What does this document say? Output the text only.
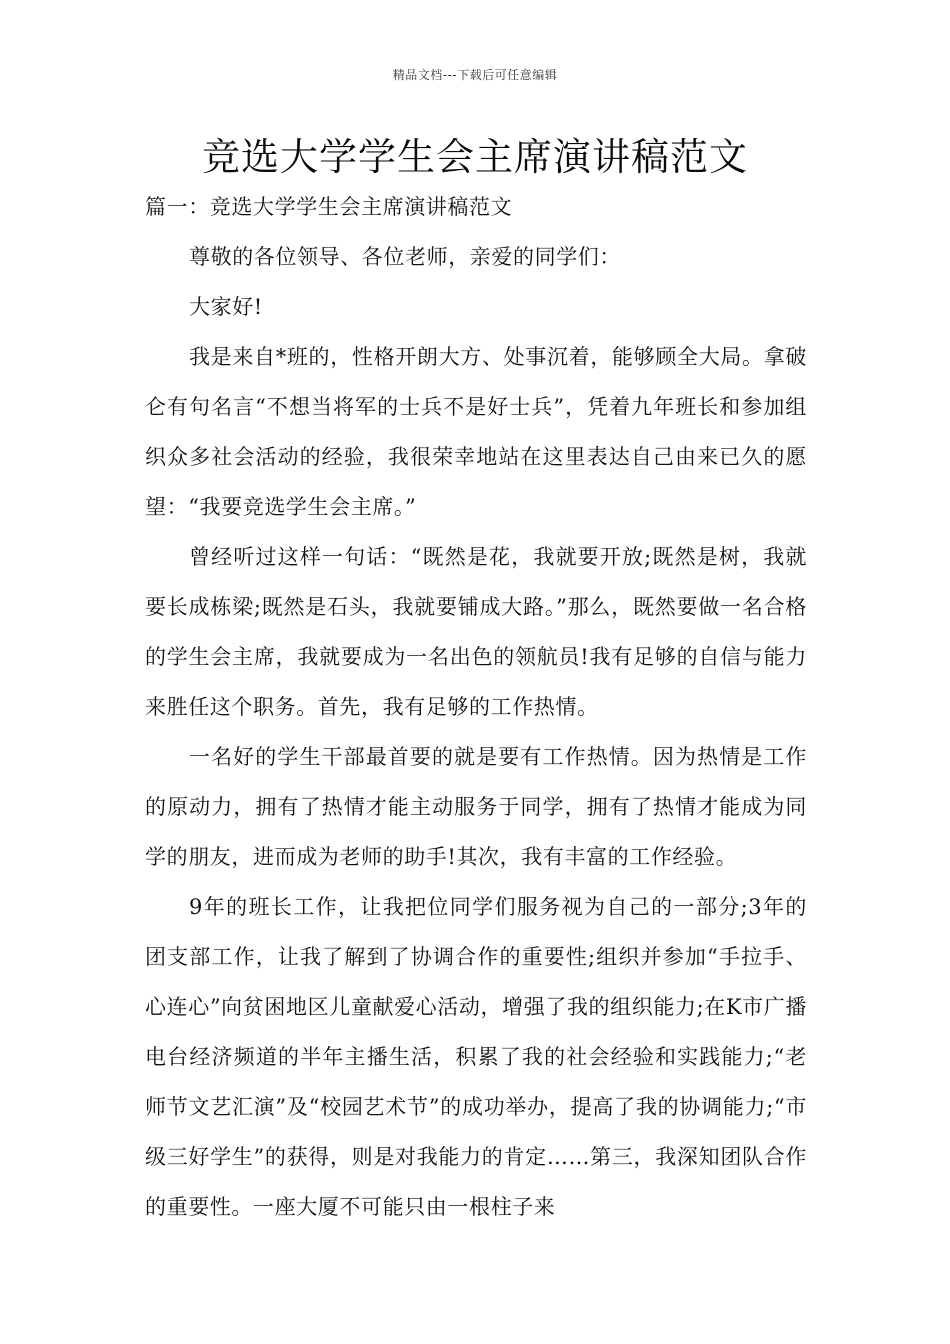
精品文档---下载后可任意编辑
竞选大学学生会主席演讲稿范文

篇一：竞选大学学生会主席演讲稿范文

尊敬的各位领导、各位老师，亲爱的同学们：

大家好!

我是来自*班的，性格开朗大方、处事沉着，能够顾全大局。拿破仑有句名言“不想当将军的士兵不是好士兵”，凭着九年班长和参加组织众多社会活动的经验，我很荣幸地站在这里表达自己由来已久的愿望：“我要竞选学生会主席。”

曾经听过这样一句话：“既然是花，我就要开放;既然是树，我就要长成栋梁;既然是石头，我就要铺成大路。”那么，既然要做一名合格的学生会主席，我就要成为一名出色的领航员!我有足够的自信与能力来胜任这个职务。首先，我有足够的工作热情。

一名好的学生干部最首要的就是要有工作热情。因为热情是工作的原动力，拥有了热情才能主动服务于同学，拥有了热情才能成为同学的朋友，进而成为老师的助手!其次，我有丰富的工作经验。

9年的班长工作，让我把位同学们服务视为自己的一部分;3年的团支部工作，让我了解到了协调合作的重要性;组织并参加“手拉手、心连心”向贫困地区儿童献爱心活动，增强了我的组织能力;在K市广播电台经济频道的半年主播生活，积累了我的社会经验和实践能力;“老师节文艺汇演”及“校园艺术节”的成功举办，提高了我的协调能力;“市级三好学生”的获得，则是对我能力的肯定……第三，我深知团队合作的重要性。一座大厦不可能只由一根柱子来
